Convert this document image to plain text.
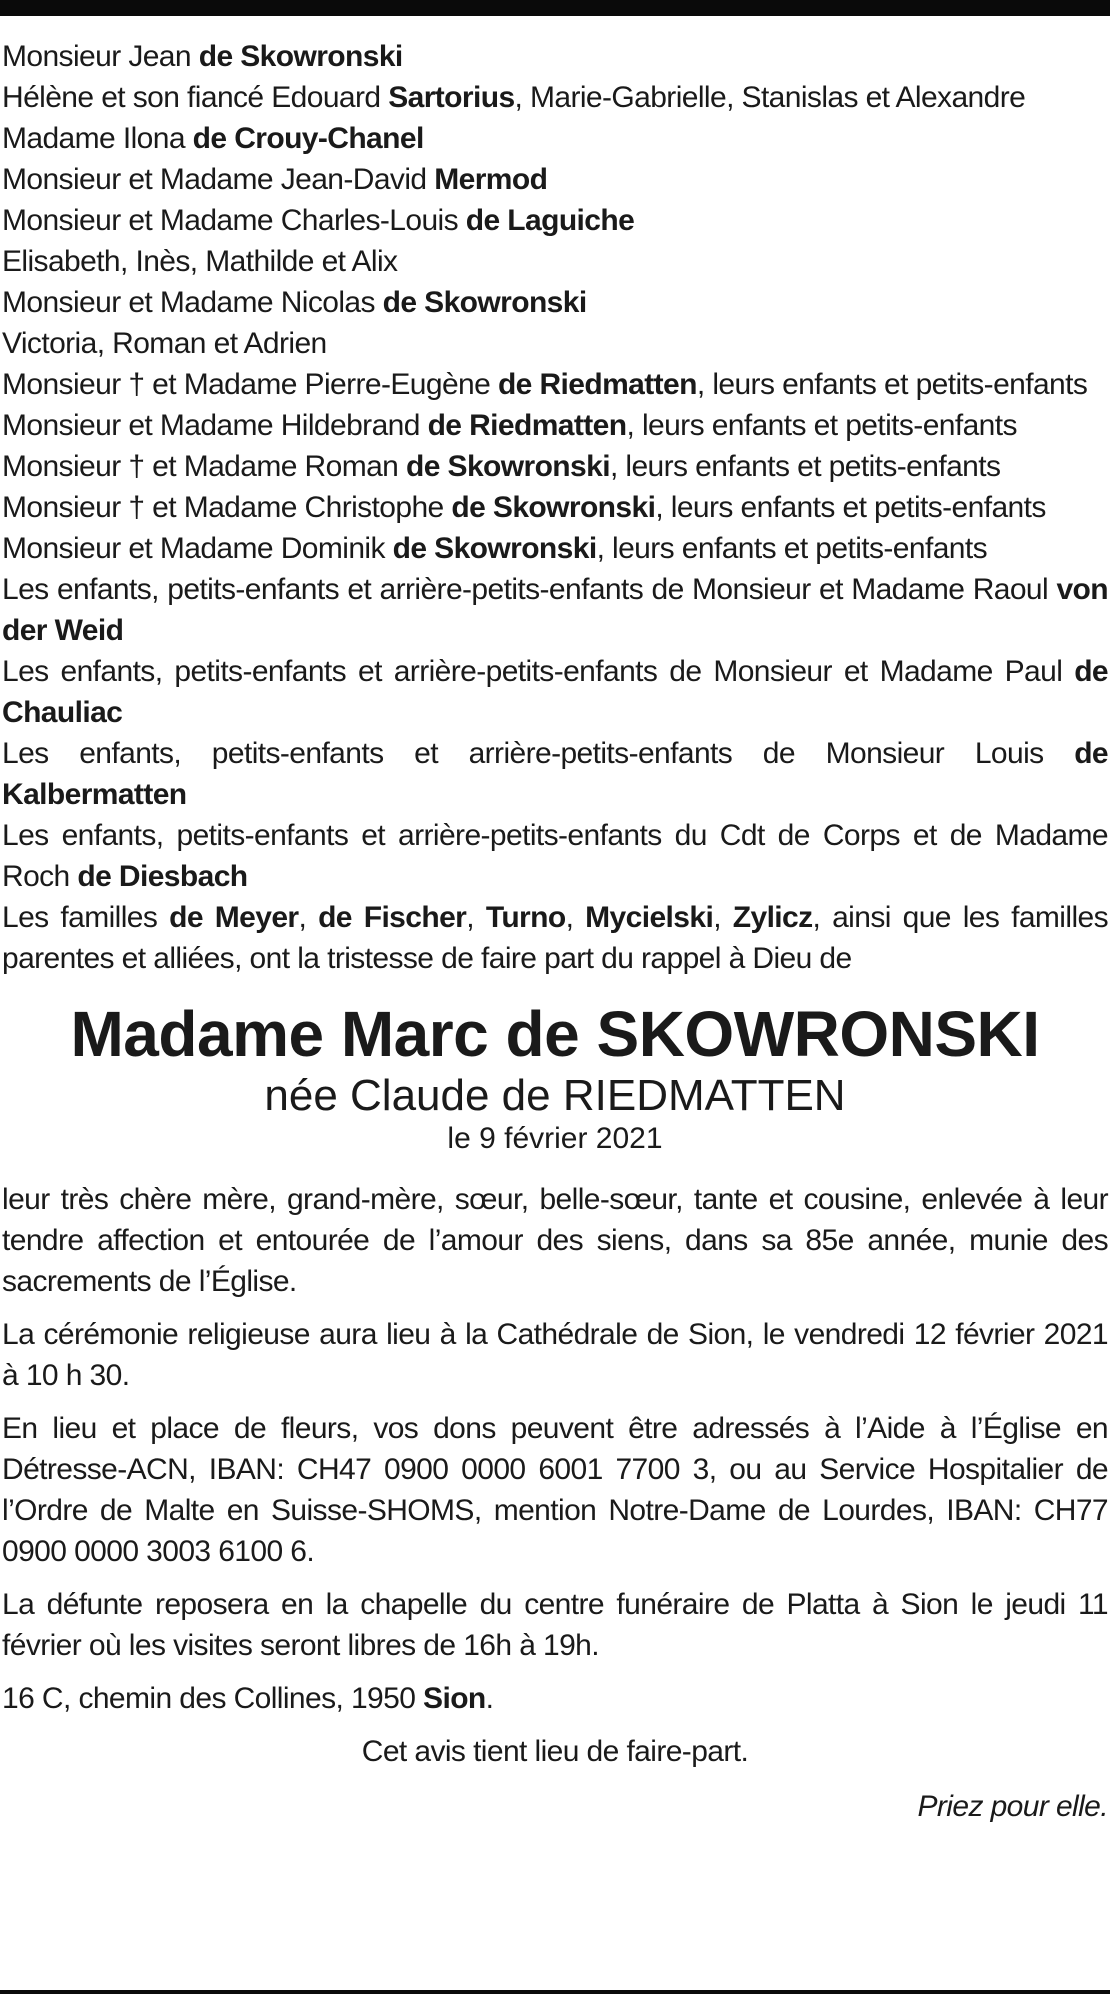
Monsieur Jean de Skowronski
Hélène et son fiancé Edouard Sartorius, Marie-Gabrielle, Stanislas et Alexandre
Madame Ilona de Crouy-Chanel
Monsieur et Madame Jean-David Mermod
Monsieur et Madame Charles-Louis de Laguiche
Elisabeth, Inès, Mathilde et Alix
Monsieur et Madame Nicolas de Skowronski
Victoria, Roman et Adrien
Monsieur † et Madame Pierre-Eugène de Riedmatten, leurs enfants et petits-enfants
Monsieur et Madame Hildebrand de Riedmatten, leurs enfants et petits-enfants
Monsieur † et Madame Roman de Skowronski, leurs enfants et petits-enfants
Monsieur † et Madame Christophe de Skowronski, leurs enfants et petits-enfants
Monsieur et Madame Dominik de Skowronski, leurs enfants et petits-enfants
Les enfants, petits-enfants et arrière-petits-enfants de Monsieur et Madame Raoul von der Weid
Les enfants, petits-enfants et arrière-petits-enfants de Monsieur et Madame Paul de Chauliac
Les enfants, petits-enfants et arrière-petits-enfants de Monsieur Louis de Kalbermatten
Les enfants, petits-enfants et arrière-petits-enfants du Cdt de Corps et de Madame Roch de Diesbach
Les familles de Meyer, de Fischer, Turno, Mycielski, Zylicz, ainsi que les familles parentes et alliées, ont la tristesse de faire part du rappel à Dieu de
Madame Marc de SKOWRONSKI
née Claude de RIEDMATTEN
le 9 février 2021
leur très chère mère, grand-mère, sœur, belle-sœur, tante et cousine, enlevée à leur tendre affection et entourée de l’amour des siens, dans sa 85e année, munie des sacrements de l’Église.
La cérémonie religieuse aura lieu à la Cathédrale de Sion, le vendredi 12 février 2021 à 10 h 30.
En lieu et place de fleurs, vos dons peuvent être adressés à l’Aide à l’Église en Détresse-ACN, IBAN: CH47 0900 0000 6001 7700 3, ou au Service Hospitalier de l’Ordre de Malte en Suisse-SHOMS, mention Notre-Dame de Lourdes, IBAN: CH77 0900 0000 3003 6100 6.
La défunte reposera en la chapelle du centre funéraire de Platta à Sion le jeudi 11 février où les visites seront libres de 16h à 19h.
16 C, chemin des Collines, 1950 Sion.
Cet avis tient lieu de faire-part.
Priez pour elle.
